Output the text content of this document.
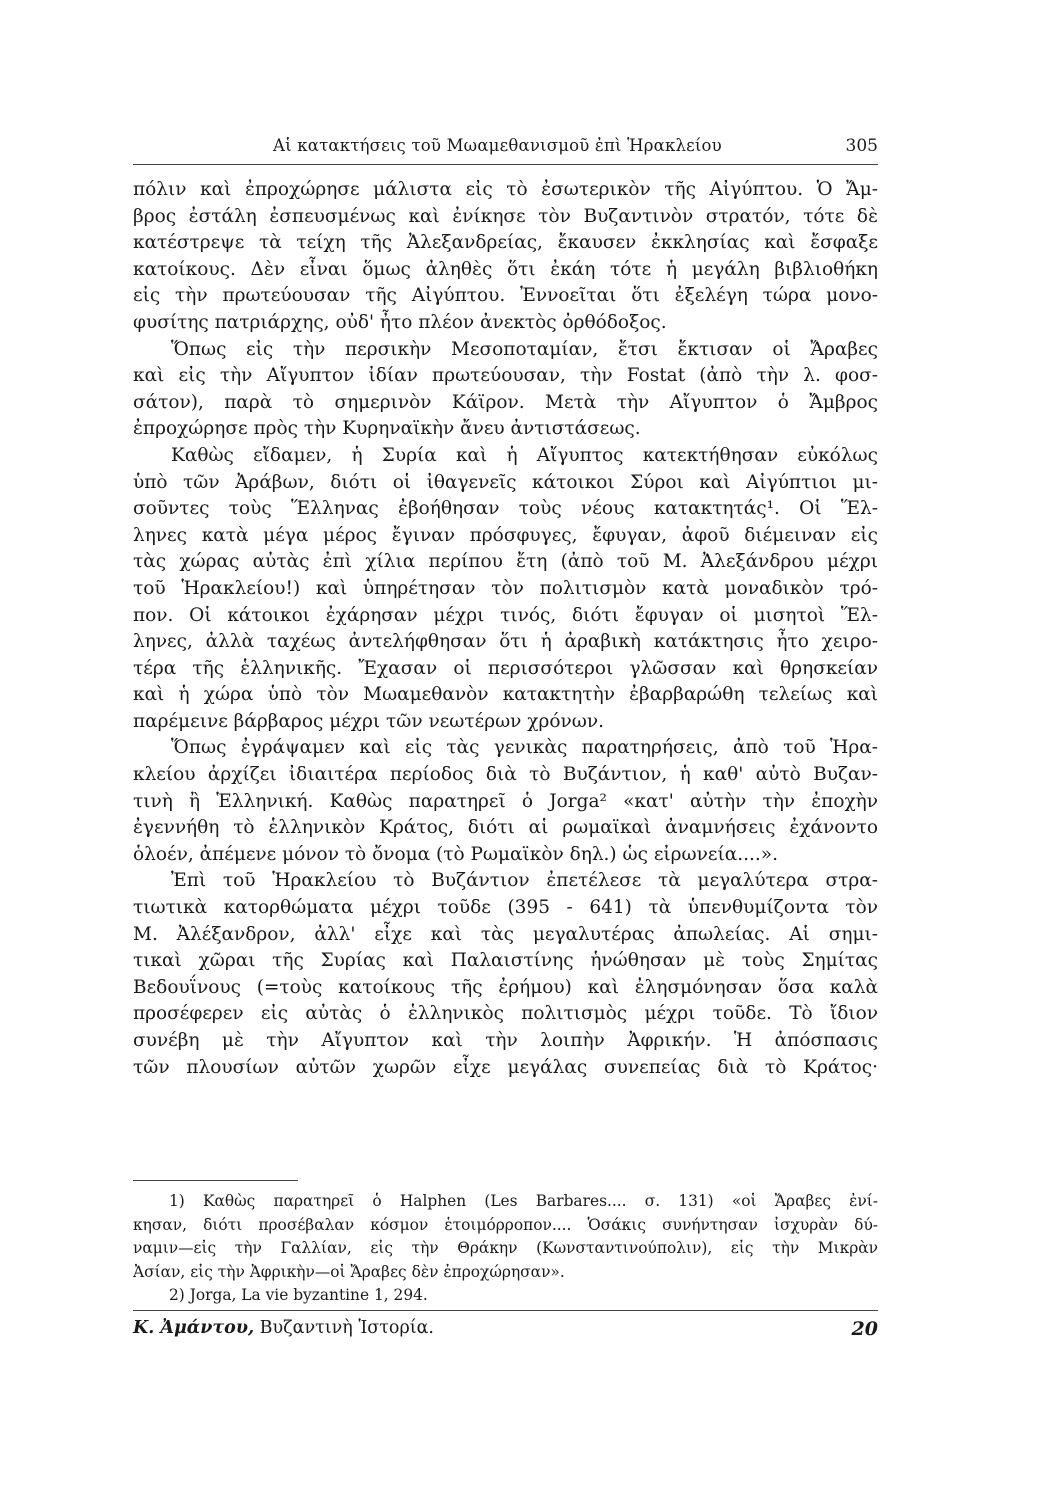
Αἱ κατακτήσεις τοῦ Μωαμεθανισμοῦ ἐπὶ Ἡρακλείου	305
πόλιν καὶ ἐπροχώρησε μάλιστα εἰς τὸ ἐσωτερικὸν τῆς Αἰγύπτου. Ὁ Ἄμ-
βρος ἐστάλη ἐσπευσμένως καὶ ἐνίκησε τὸν Βυζαντινὸν στρατόν, τότε δὲ
κατέστρεψε τὰ τείχη τῆς Ἀλεξανδρείας, ἔκαυσεν ἐκκλησίας καὶ ἔσφαξε
κατοίκους. Δὲν εἶναι ὅμως ἀληθὲς ὅτι ἐκάη τότε ἡ μεγάλη βιβλιοθήκη
εἰς τὴν πρωτεύουσαν τῆς Αἰγύπτου. Ἐννοεῖται ὅτι ἐξελέγη τώρα μονο-
φυσίτης πατριάρχης, οὐδ' ἦτο πλέον ἀνεκτὸς ὀρθόδοξος.
Ὅπως εἰς τὴν περσικὴν Μεσοποταμίαν, ἔτσι ἔκτισαν οἱ Ἄραβες
καὶ εἰς τὴν Αἴγυπτον ἰδίαν πρωτεύουσαν, τὴν Fostat (ἀπὸ τὴν λ. φοσ-
σάτον), παρὰ τὸ σημερινὸν Κάϊρον. Μετὰ τὴν Αἴγυπτον ὁ Ἄμβρος
ἐπροχώρησε πρὸς τὴν Κυρηναϊκὴν ἄνευ ἀντιστάσεως.
Καθὼς εἴδαμεν, ἡ Συρία καὶ ἡ Αἴγυπτος κατεκτήθησαν εὐκόλως
ὑπὸ τῶν Ἀράβων, διότι οἱ ἰθαγενεῖς κάτοικοι Σύροι καὶ Αἰγύπτιοι μι-
σοῦντες τοὺς Ἕλληνας ἐβοήθησαν τοὺς νέους κατακτητάς¹. Οἱ Ἕλ-
ληνες κατὰ μέγα μέρος ἔγιναν πρόσφυγες, ἔφυγαν, ἀφοῦ διέμειναν εἰς
τὰς χώρας αὐτὰς ἐπὶ χίλια περίπου ἔτη (ἀπὸ τοῦ Μ. Ἀλεξάνδρου μέχρι
τοῦ Ἡρακλείου!) καὶ ὑπηρέτησαν τὸν πολιτισμὸν κατὰ μοναδικὸν τρό-
πον. Οἱ κάτοικοι ἐχάρησαν μέχρι τινός, διότι ἔφυγαν οἱ μισητοὶ Ἕλ-
ληνες, ἀλλὰ ταχέως ἀντελήφθησαν ὅτι ἡ ἀραβικὴ κατάκτησις ἦτο χειρο-
τέρα τῆς ἑλληνικῆς. Ἔχασαν οἱ περισσότεροι γλῶσσαν καὶ θρησκείαν
καὶ ἡ χώρα ὑπὸ τὸν Μωαμεθανὸν κατακτητὴν ἐβαρβαρώθη τελείως καὶ
παρέμεινε βάρβαρος μέχρι τῶν νεωτέρων χρόνων.
Ὅπως ἐγράψαμεν καὶ εἰς τὰς γενικὰς παρατηρήσεις, ἀπὸ τοῦ Ἡρα-
κλείου ἀρχίζει ἰδιαιτέρα περίοδος διὰ τὸ Βυζάντιον, ἡ καθ' αὐτὸ Βυζαν-
τινὴ ἢ Ἑλληνική. Καθὼς παρατηρεῖ ὁ Jorga² «κατ' αὐτὴν τὴν ἐποχὴν
ἐγεννήθη τὸ ἑλληνικὸν Κράτος, διότι αἱ ρωμαϊκαὶ ἀναμνήσεις ἐχάνοντο
ὁλοέν, ἀπέμενε μόνον τὸ ὄνομα (τὸ Ρωμαϊκὸν δηλ.) ὡς εἰρωνεία....».
Ἐπὶ τοῦ Ἡρακλείου τὸ Βυζάντιον ἐπετέλεσε τὰ μεγαλύτερα στρα-
τιωτικὰ κατορθώματα μέχρι τοῦδε (395 - 641) τὰ ὑπενθυμίζοντα τὸν
Μ. Ἀλέξανδρον, ἀλλ' εἶχε καὶ τὰς μεγαλυτέρας ἀπωλείας. Αἱ σημι-
τικαὶ χῶραι τῆς Συρίας καὶ Παλαιστίνης ἡνώθησαν μὲ τοὺς Σημίτας
Βεδουΐνους (=τοὺς κατοίκους τῆς ἐρήμου) καὶ ἐλησμόνησαν ὅσα καλὰ
προσέφερεν εἰς αὐτὰς ὁ ἑλληνικὸς πολιτισμὸς μέχρι τοῦδε. Τὸ ἴδιον
συνέβη μὲ τὴν Αἴγυπτον καὶ τὴν λοιπὴν Ἀφρικήν. Ἡ ἀπόσπασις
τῶν πλουσίων αὐτῶν χωρῶν εἶχε μεγάλας συνεπείας διὰ τὸ Κράτος·
1) Καθὼς παρατηρεῖ ὁ Halphen (Les Barbares.... σ. 131) «οἱ Ἄραβες ἐνί-
κησαν, διότι προσέβαλαν κόσμον ἑτοιμόρροπον.... Ὁσάκις συνήντησαν ἰσχυρὰν δύ-
ναμιν—εἰς τὴν Γαλλίαν, εἰς τὴν Θράκην (Κωνσταντινούπολιν), εἰς τὴν Μικρὰν
Ἀσίαν, εἰς τὴν Ἀφρικὴν—οἱ Ἄραβες δὲν ἐπροχώρησαν».
2) Jorga, La vie byzantine 1, 294.
Κ. Ἀμάντου, Βυζαντινὴ Ἱστορία.	20
